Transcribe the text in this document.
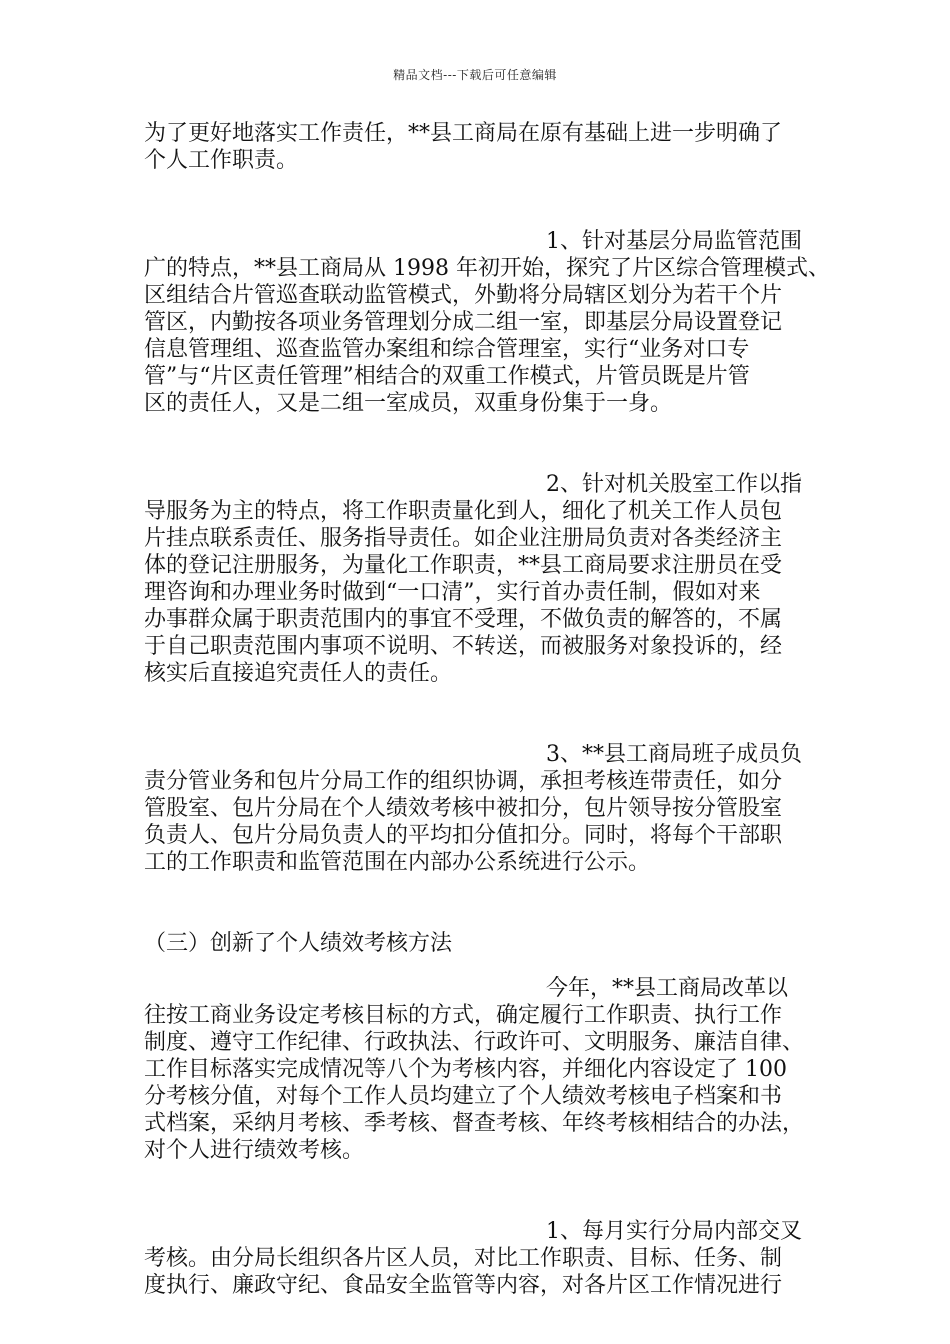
精品文档---下载后可任意编辑
为了更好地落实工作责任，**县工商局在原有基础上进一步明确了
个人工作职责。
1、针对基层分局监管范围
广的特点，**县工商局从 1998 年初开始，探究了片区综合管理模式、
区组结合片管巡查联动监管模式，外勤将分局辖区划分为若干个片
管区，内勤按各项业务管理划分成二组一室，即基层分局设置登记
信息管理组、巡查监管办案组和综合管理室，实行“业务对口专
管”与“片区责任管理”相结合的双重工作模式，片管员既是片管
区的责任人，又是二组一室成员，双重身份集于一身。
2、针对机关股室工作以指
导服务为主的特点，将工作职责量化到人，细化了机关工作人员包
片挂点联系责任、服务指导责任。如企业注册局负责对各类经济主
体的登记注册服务，为量化工作职责，**县工商局要求注册员在受
理咨询和办理业务时做到“一口清”，实行首办责任制，假如对来
办事群众属于职责范围内的事宜不受理，不做负责的解答的，不属
于自己职责范围内事项不说明、不转送，而被服务对象投诉的，经
核实后直接追究责任人的责任。
3、**县工商局班子成员负
责分管业务和包片分局工作的组织协调，承担考核连带责任，如分
管股室、包片分局在个人绩效考核中被扣分，包片领导按分管股室
负责人、包片分局负责人的平均扣分值扣分。同时，将每个干部职
工的工作职责和监管范围在内部办公系统进行公示。
（三）创新了个人绩效考核方法
今年，**县工商局改革以
往按工商业务设定考核目标的方式，确定履行工作职责、执行工作
制度、遵守工作纪律、行政执法、行政许可、文明服务、廉洁自律、
工作目标落实完成情况等八个为考核内容，并细化内容设定了 100
分考核分值，对每个工作人员均建立了个人绩效考核电子档案和书
式档案，采纳月考核、季考核、督查考核、年终考核相结合的办法，
对个人进行绩效考核。
1、每月实行分局内部交叉
考核。由分局长组织各片区人员，对比工作职责、目标、任务、制
度执行、廉政守纪、食品安全监管等内容，对各片区工作情况进行
